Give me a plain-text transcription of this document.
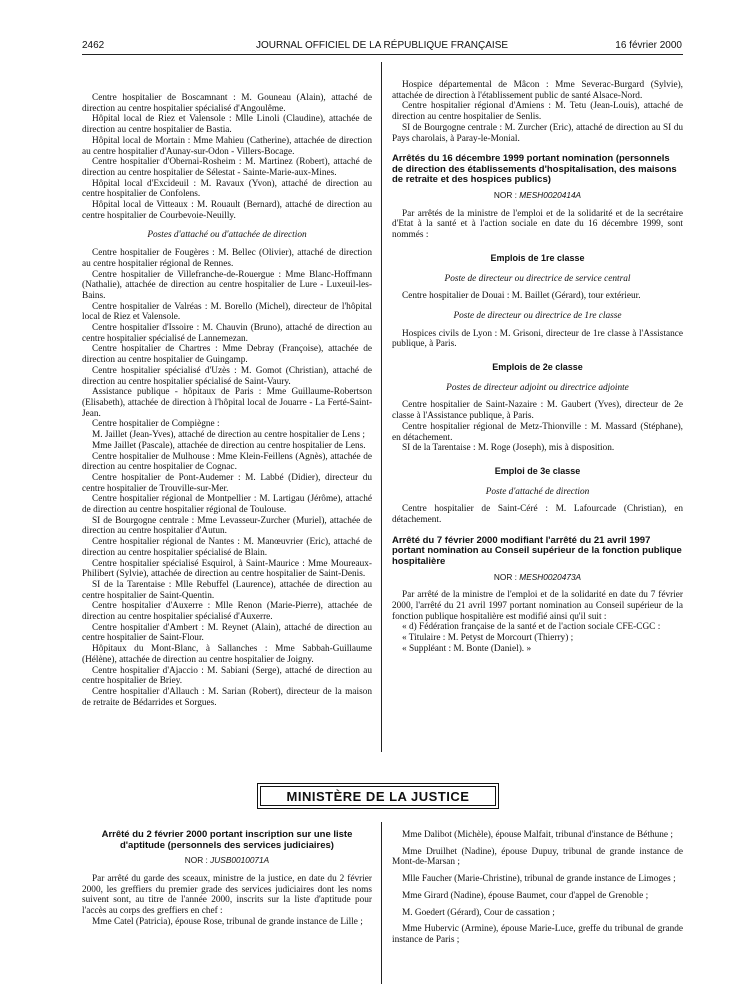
2462	JOURNAL OFFICIEL DE LA RÉPUBLIQUE FRANÇAISE	16 février 2000

Centre hospitalier de Boscamnant : M. Gouneau (Alain), attaché de direction au centre hospitalier spécialisé d'Angoulême.

Hôpital local de Riez et Valensole : Mlle Linoli (Claudine), attachée de direction au centre hospitalier de Bastia.

Hôpital local de Mortain : Mme Mahieu (Catherine), attachée de direction au centre hospitalier d'Aunay-sur-Odon - Villers-Bocage.

Centre hospitalier d'Obernai-Rosheim : M. Martinez (Robert), attaché de direction au centre hospitalier de Sélestat - Sainte-Marie-aux-Mines.

Hôpital local d'Excideuil : M. Ravaux (Yvon), attaché de direction au centre hospitalier de Confolens.

Hôpital local de Vitteaux : M. Rouault (Bernard), attaché de direction au centre hospitalier de Courbevoie-Neuilly.

Postes d'attaché ou d'attachée de direction

Centre hospitalier de Fougères : M. Bellec (Olivier), attaché de direction au centre hospitalier régional de Rennes.

Centre hospitalier de Villefranche-de-Rouergue : Mme Blanc-Hoffmann (Nathalie), attachée de direction au centre hospitalier de Lure - Luxeuil-les-Bains.

Centre hospitalier de Valréas : M. Borello (Michel), directeur de l'hôpital local de Riez et Valensole.

Centre hospitalier d'Issoire : M. Chauvin (Bruno), attaché de direction au centre hospitalier spécialisé de Lannemezan.

Centre hospitalier de Chartres : Mme Debray (Françoise), attachée de direction au centre hospitalier de Guingamp.

Centre hospitalier spécialisé d'Uzès : M. Gomot (Christian), attaché de direction au centre hospitalier spécialisé de Saint-Vaury.

Assistance publique - hôpitaux de Paris : Mme Guillaume-Robertson (Elisabeth), attachée de direction à l'hôpital local de Jouarre - La Ferté-Saint-Jean.

Centre hospitalier de Compiègne :

M. Jaillet (Jean-Yves), attaché de direction au centre hospitalier de Lens ;

Mme Jaillet (Pascale), attachée de direction au centre hospitalier de Lens.

Centre hospitalier de Mulhouse : Mme Klein-Feillens (Agnès), attachée de direction au centre hospitalier de Cognac.

Centre hospitalier de Pont-Audemer : M. Labbé (Didier), directeur du centre hospitalier de Trouville-sur-Mer.

Centre hospitalier régional de Montpellier : M. Lartigau (Jérôme), attaché de direction au centre hospitalier régional de Toulouse.

SI de Bourgogne centrale : Mme Levasseur-Zurcher (Muriel), attachée de direction au centre hospitalier d'Autun.

Centre hospitalier régional de Nantes : M. Manœuvrier (Eric), attaché de direction au centre hospitalier spécialisé de Blain.

Centre hospitalier spécialisé Esquirol, à Saint-Maurice : Mme Moureaux-Philibert (Sylvie), attachée de direction au centre hospitalier de Saint-Denis.

SI de la Tarentaise : Mlle Rebuffel (Laurence), attachée de direction au centre hospitalier de Saint-Quentin.

Centre hospitalier d'Auxerre : Mlle Renon (Marie-Pierre), attachée de direction au centre hospitalier spécialisé d'Auxerre.

Centre hospitalier d'Ambert : M. Reynet (Alain), attaché de direction au centre hospitalier de Saint-Flour.

Hôpitaux du Mont-Blanc, à Sallanches : Mme Sabbah-Guillaume (Hélène), attachée de direction au centre hospitalier de Joigny.

Centre hospitalier d'Ajaccio : M. Sabiani (Serge), attaché de direction au centre hospitalier de Briey.

Centre hospitalier d'Allauch : M. Sarian (Robert), directeur de la maison de retraite de Bédarrides et Sorgues.

Hospice départemental de Mâcon : Mme Severac-Burgard (Sylvie), attachée de direction à l'établissement public de santé Alsace-Nord.

Centre hospitalier régional d'Amiens : M. Tetu (Jean-Louis), attaché de direction au centre hospitalier de Senlis.

SI de Bourgogne centrale : M. Zurcher (Eric), attaché de direction au SI du Pays charolais, à Paray-le-Monial.

Arrêtés du 16 décembre 1999 portant nomination (personnels de direction des établissements d'hospitalisation, des maisons de retraite et des hospices publics)

NOR : MESH0020414A

Par arrêtés de la ministre de l'emploi et de la solidarité et de la secrétaire d'Etat à la santé et à l'action sociale en date du 16 décembre 1999, sont nommés :

Emplois de 1re classe

Poste de directeur ou directrice de service central

Centre hospitalier de Douai : M. Baillet (Gérard), tour extérieur.

Poste de directeur ou directrice de 1re classe

Hospices civils de Lyon : M. Grisoni, directeur de 1re classe à l'Assistance publique, à Paris.

Emplois de 2e classe

Postes de directeur adjoint ou directrice adjointe

Centre hospitalier de Saint-Nazaire : M. Gaubert (Yves), directeur de 2e classe à l'Assistance publique, à Paris.

Centre hospitalier régional de Metz-Thionville : M. Massard (Stéphane), en détachement.

SI de la Tarentaise : M. Roge (Joseph), mis à disposition.

Emploi de 3e classe

Poste d'attaché de direction

Centre hospitalier de Saint-Céré : M. Lafourcade (Christian), en détachement.

Arrêté du 7 février 2000 modifiant l'arrêté du 21 avril 1997 portant nomination au Conseil supérieur de la fonction publique hospitalière

NOR : MESH0020473A

Par arrêté de la ministre de l'emploi et de la solidarité en date du 7 février 2000, l'arrêté du 21 avril 1997 portant nomination au Conseil supérieur de la fonction publique hospitalière est modifié ainsi qu'il suit :

« d) Fédération française de la santé et de l'action sociale CFE-CGC :

« Titulaire : M. Petyst de Morcourt (Thierry) ;

« Suppléant : M. Bonte (Daniel). »

MINISTÈRE DE LA JUSTICE
Arrêté du 2 février 2000 portant inscription sur une liste d'aptitude (personnels des services judiciaires)

NOR : JUSB0010071A

Par arrêté du garde des sceaux, ministre de la justice, en date du 2 février 2000, les greffiers du premier grade des services judiciaires dont les noms suivent sont, au titre de l'année 2000, inscrits sur la liste d'aptitude pour l'accès au corps des greffiers en chef :

Mme Catel (Patricia), épouse Rose, tribunal de grande instance de Lille ;

Mme Dalibot (Michèle), épouse Malfait, tribunal d'instance de Béthune ;

Mme Druilhet (Nadine), épouse Dupuy, tribunal de grande instance de Mont-de-Marsan ;

Mlle Faucher (Marie-Christine), tribunal de grande instance de Limoges ;

Mme Girard (Nadine), épouse Baumet, cour d'appel de Grenoble ;

M. Goedert (Gérard), Cour de cassation ;

Mme Hubervic (Armine), épouse Marie-Luce, greffe du tribunal de grande instance de Paris ;
